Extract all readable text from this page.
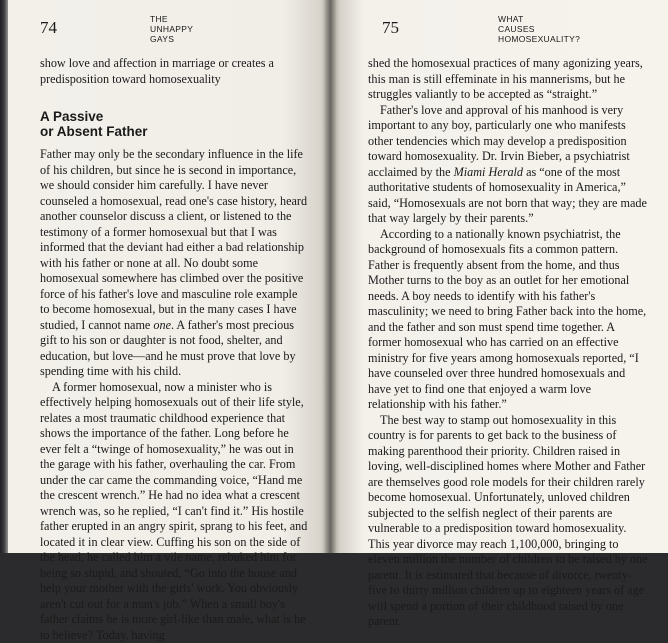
74	THE
UNHAPPY
GAYS

show love and affection in marriage or creates a predisposition toward homosexuality

A Passive
or Absent Father

Father may only be the secondary influence in the life of his children, but since he is second in importance, we should consider him carefully. I have never counseled a homosexual, read one's case history, heard another counselor discuss a client, or listened to the testimony of a former homosexual but that I was informed that the deviant had either a bad relationship with his father or none at all. No doubt some homosexual somewhere has climbed over the positive force of his father's love and masculine role example to become homosexual, but in the many cases I have studied, I cannot name one. A father's most precious gift to his son or daughter is not food, shelter, and education, but love—and he must prove that love by spending time with his child.

A former homosexual, now a minister who is effectively helping homosexuals out of their life style, relates a most traumatic childhood experience that shows the importance of the father. Long before he ever felt a “twinge of homosexuality,” he was out in the garage with his father, overhauling the car. From under the car came the commanding voice, “Hand me the crescent wrench.” He had no idea what a crescent wrench was, so he replied, “I can't find it.” His hostile father erupted in an angry spirit, sprang to his feet, and located it in clear view. Cuffing his son on the side of the head, he called him a vile name, rebuked him for being so stupid, and shouted, “Go into the house and help your mother with the girls' work. You obviously aren't cut out for a man's job.” When a small boy's father claims he is more girl-like than male, what is he to believe? Today, having

75	WHAT
CAUSES
HOMOSEXUALITY?

shed the homosexual practices of many agonizing years, this man is still effeminate in his mannerisms, but he struggles valiantly to be accepted as “straight.”

Father's love and approval of his manhood is very important to any boy, particularly one who manifests other tendencies which may develop a predisposition toward homosexuality. Dr. Irvin Bieber, a psychiatrist acclaimed by the Miami Herald as “one of the most authoritative students of homosexuality in America,” said, “Homosexuals are not born that way; they are made that way largely by their parents.”

According to a nationally known psychiatrist, the background of homosexuals fits a common pattern. Father is frequently absent from the home, and thus Mother turns to the boy as an outlet for her emotional needs. A boy needs to identify with his father's masculinity; we need to bring Father back into the home, and the father and son must spend time together. A former homosexual who has carried on an effective ministry for five years among homosexuals reported, “I have counseled over three hundred homosexuals and have yet to find one that enjoyed a warm love relationship with his father.”

The best way to stamp out homosexuality in this country is for parents to get back to the business of making parenthood their priority. Children raised in loving, well-disciplined homes where Mother and Father are themselves good role models for their children rarely become homosexual. Unfortunately, unloved children subjected to the selfish neglect of their parents are vulnerable to a predisposition toward homosexuality. This year divorce may reach 1,100,000, bringing to eleven million the number of children to be raised by one parent. It is estimated that because of divorce, twenty-five to thirty million children up to eighteen years of age will spend a portion of their childhood raised by one parent.
